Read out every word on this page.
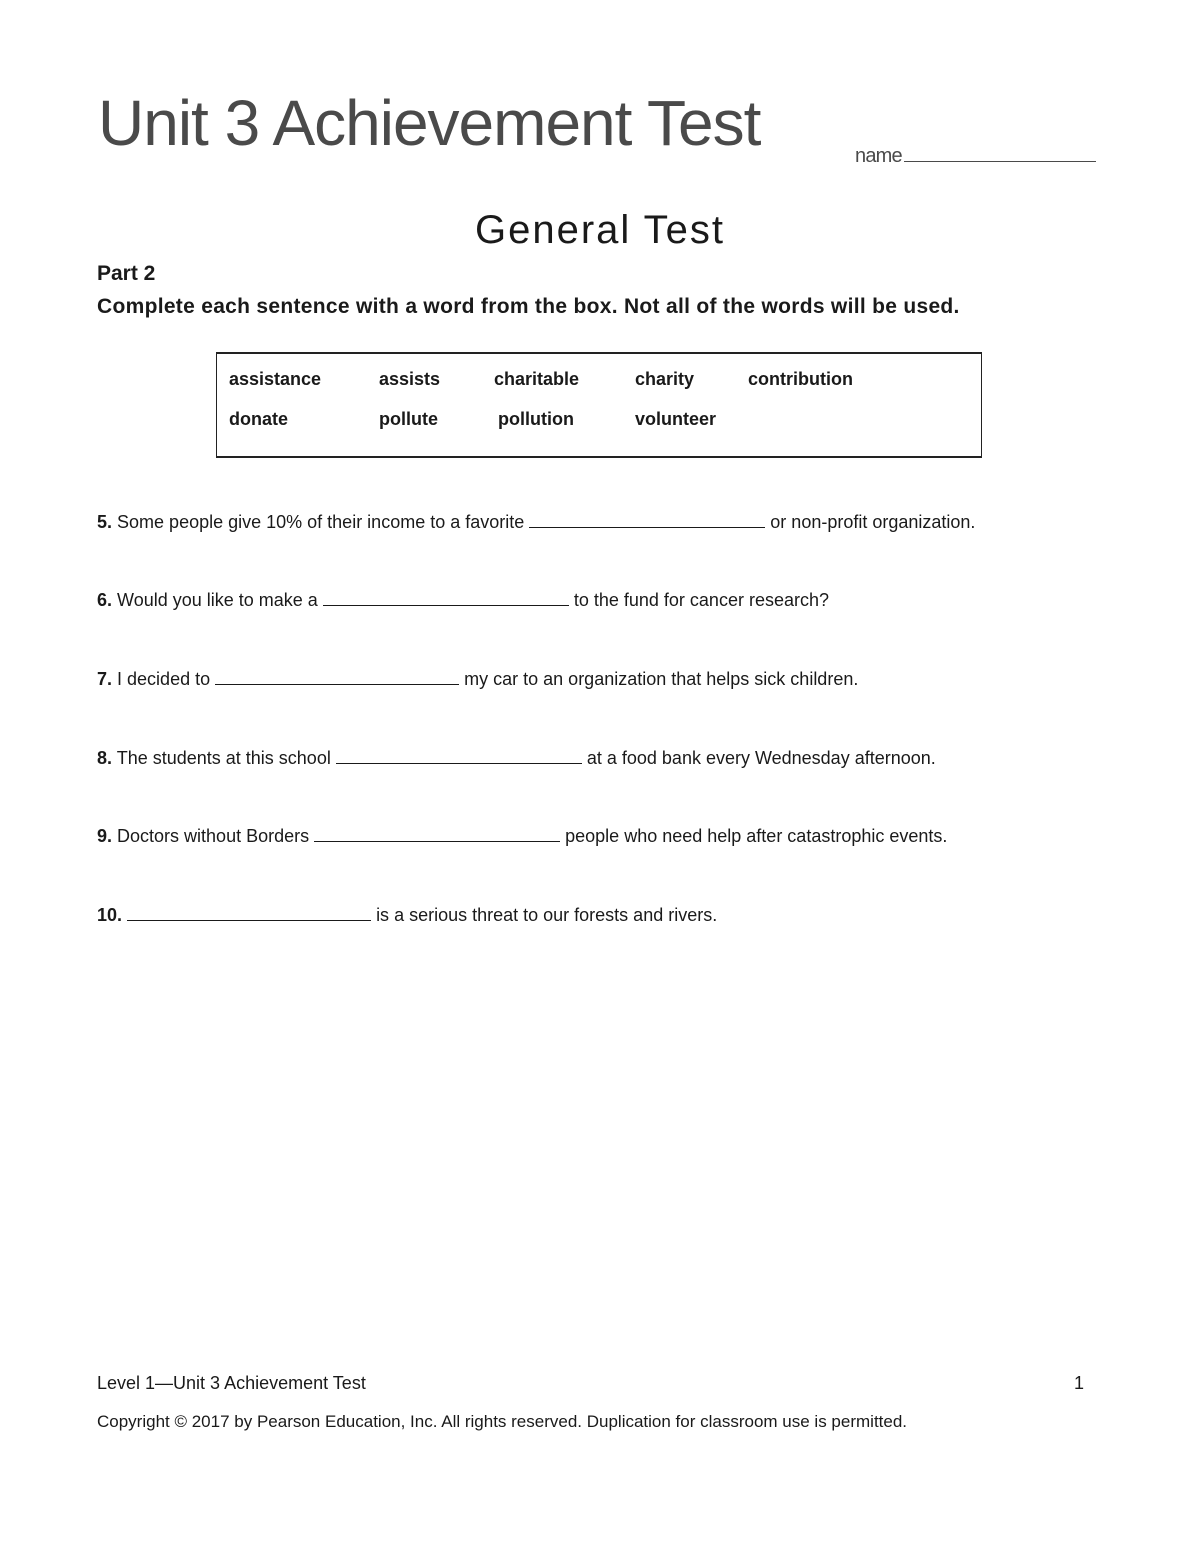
Unit 3 Achievement Test	name
General Test
Part 2
Complete each sentence with a word from the box. Not all of the words will be used.
assistance	assists	charitable	charity	contribution
donate	pollute	pollution	volunteer
5. Some people give 10% of their income to a favorite	or non-profit organization.
6. Would you like to make a	to the fund for cancer research?
7. I decided to	my car to an organization that helps sick children.
8. The students at this school	at a food bank every Wednesday afternoon.
9. Doctors without Borders	people who need help after catastrophic events.
10.	is a serious threat to our forests and rivers.
Level 1—Unit 3 Achievement Test	1
Copyright © 2017 by Pearson Education, Inc. All rights reserved. Duplication for classroom use is permitted.
